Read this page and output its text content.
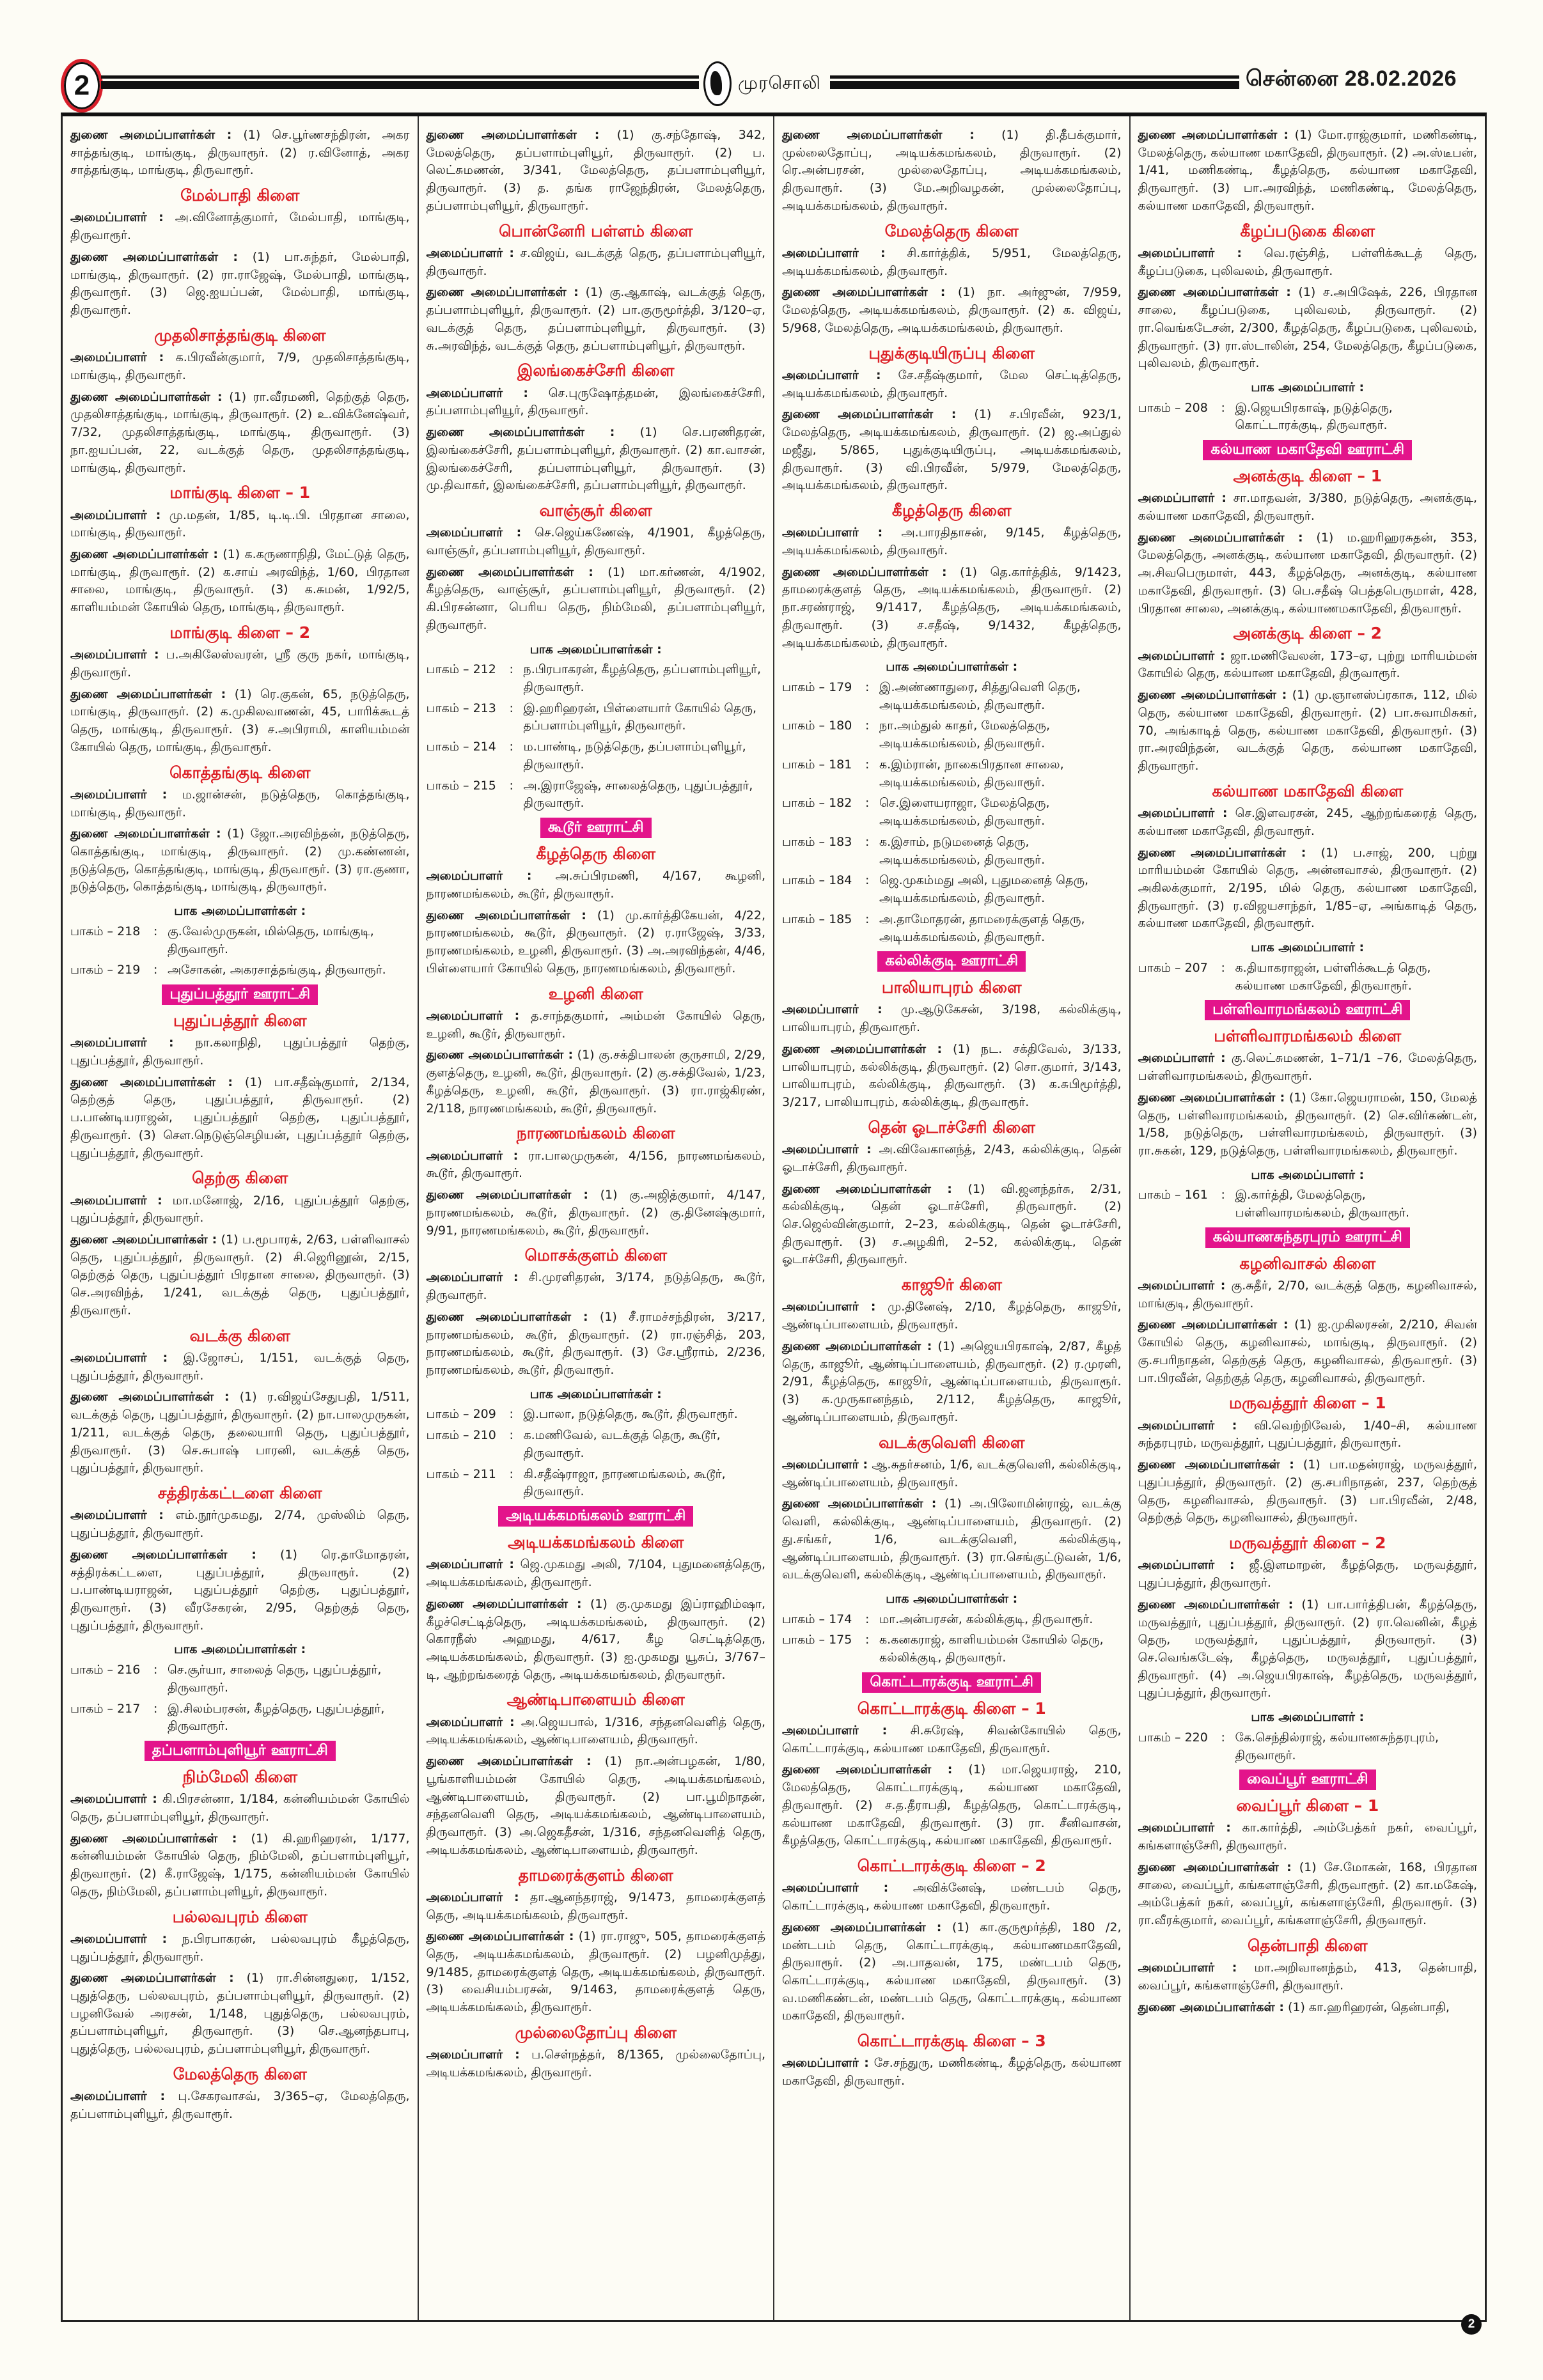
2	முரசொலி	சென்னை 28.02.2026

துணை அமைப்பாளர்கள் : (1) செ.பூர்ணசந்திரன், அகர சாத்தங்குடி, மாங்குடி, திருவாரூர். (2) ர.வினோத், அகர சாத்தங்குடி, மாங்குடி, திருவாரூர்.

மேல்பாதி கிளை

அமைப்பாளர் : அ.வினோத்குமார், மேல்பாதி, மாங்குடி, திருவாரூர்.

துணை அமைப்பாளர்கள் : (1) பா.சுந்தர், மேல்பாதி, மாங்குடி, திருவாரூர். (2) ரா.ராஜேஷ், மேல்பாதி, மாங்குடி, திருவாரூர். (3) ஜெ.ஐயப்பன், மேல்பாதி, மாங்குடி, திருவாரூர்.

முதலிசாத்தங்குடி கிளை

அமைப்பாளர் : க.பிரவீன்குமார், 7/9, முதலிசாத்தங்குடி, மாங்குடி, திருவாரூர்.

துணை அமைப்பாளர்கள் : (1) ரா.வீரமணி, தெற்குத் தெரு, முதலிசாத்தங்குடி, மாங்குடி, திருவாரூர். (2) உ.விக்னேஷ்வர், 7/32, முதலிசாத்தங்குடி, மாங்குடி, திருவாரூர். (3) நா.ஐயப்பன், 22, வடக்குத் தெரு, முதலிசாத்தங்குடி, மாங்குடி, திருவாரூர்.

மாங்குடி கிளை – 1

அமைப்பாளர் : மு.மதன், 1/85, டி.டி.பி. பிரதான சாலை, மாங்குடி, திருவாரூர்.

துணை அமைப்பாளர்கள் : (1) க.கருணாநிதி, மேட்டுத் தெரு, மாங்குடி, திருவாரூர். (2) க.சாய் அரவிந்த், 1/60, பிரதான சாலை, மாங்குடி, திருவாரூர். (3) க.சுமன், 1/92/5, காளியம்மன் கோயில் தெரு, மாங்குடி, திருவாரூர்.

மாங்குடி கிளை – 2

அமைப்பாளர் : ப.அகிலேஸ்வரன், ஸ்ரீ குரு நகர், மாங்குடி, திருவாரூர்.

துணை அமைப்பாளர்கள் : (1) ரெ.குகன், 65, நடுத்தெரு, மாங்குடி, திருவாரூர். (2) க.முகிலவாணன், 45, பாரிக்கூடத் தெரு, மாங்குடி, திருவாரூர். (3) ச.அபிராமி, காளியம்மன் கோயில் தெரு, மாங்குடி, திருவாரூர்.

கொத்தங்குடி கிளை

அமைப்பாளர் : ம.ஜான்சன், நடுத்தெரு, கொத்தங்குடி, மாங்குடி, திருவாரூர்.

துணை அமைப்பாளர்கள் : (1) ஜோ.அரவிந்தன், நடுத்தெரு, கொத்தங்குடி, மாங்குடி, திருவாரூர். (2) மு.கண்ணன், நடுத்தெரு, கொத்தங்குடி, மாங்குடி, திருவாரூர். (3) ரா.குணா, நடுத்தெரு, கொத்தங்குடி, மாங்குடி, திருவாரூர்.

பாக அமைப்பாளர்கள் :
பாகம் – 218	: கு.வேல்முருகன், மில்தெரு, மாங்குடி, திருவாரூர்.
பாகம் – 219	: அசோகன், அகரசாத்தங்குடி, திருவாரூர்.
புதுப்பத்தூர் ஊராட்சி
புதுப்பத்தூர் கிளை

அமைப்பாளர் : நா.கலாநிதி, புதுப்பத்தூர் தெற்கு, புதுப்பத்தூர், திருவாரூர்.

துணை அமைப்பாளர்கள் : (1) பா.சதீஷ்குமார், 2/134, தெற்குத் தெரு, புதுப்பத்தூர், திருவாரூர். (2) ப.பாண்டியராஜன், புதுப்பத்தூர் தெற்கு, புதுப்பத்தூர், திருவாரூர். (3) சௌ.நெடுஞ்செழியன், புதுப்பத்தூர் தெற்கு, புதுப்பத்தூர், திருவாரூர்.

தெற்கு கிளை

அமைப்பாளர் : மா.மனோஜ், 2/16, புதுப்பத்தூர் தெற்கு, புதுப்பத்தூர், திருவாரூர்.

துணை அமைப்பாளர்கள் : (1) ப.மூபாரக், 2/63, பள்ளிவாசல் தெரு, புதுப்பத்தூர், திருவாரூர். (2) சி.ஜெரினூன், 2/15, தெற்குத் தெரு, புதுப்பத்தூர் பிரதான சாலை, திருவாரூர். (3) செ.அரவிந்த், 1/241, வடக்குத் தெரு, புதுப்பத்தூர், திருவாரூர்.

வடக்கு கிளை

அமைப்பாளர் : இ.ஜோசப், 1/151, வடக்குத் தெரு, புதுப்பத்தூர், திருவாரூர்.

துணை அமைப்பாளர்கள் : (1) ர.விஜய்சேதுபதி, 1/511, வடக்குத் தெரு, புதுப்பத்தூர், திருவாரூர். (2) நா.பாலமுருகன், 1/211, வடக்குத் தெரு, தலையாரி தெரு, புதுப்பத்தூர், திருவாரூர். (3) செ.சுபாஷ் பாரனி, வடக்குத் தெரு, புதுப்பத்தூர், திருவாரூர்.

சத்திரக்கட்டளை கிளை

அமைப்பாளர் : எம்.நூர்முகமது, 2/74, முஸ்லிம் தெரு, புதுப்பத்தூர், திருவாரூர்.

துணை அமைப்பாளர்கள் : (1) ரெ.தாமோதரன், சத்திரக்கட்டளை, புதுப்பத்தூர், திருவாரூர். (2) ப.பாண்டியராஜன், புதுப்பத்தூர் தெற்கு, புதுப்பத்தூர், திருவாரூர். (3) வீரசேகரன், 2/95, தெற்குத் தெரு, புதுப்பத்தூர், திருவாரூர்.

பாக அமைப்பாளர்கள் :
பாகம் – 216	: செ.சூர்யா, சாலைத் தெரு, புதுப்பத்தூர், திருவாரூர்.
பாகம் – 217	: இ.சிலம்பரசன், கீழத்தெரு, புதுப்பத்தூர், திருவாரூர்.
தப்பளாம்புளியூர் ஊராட்சி
நிம்மேலி கிளை

அமைப்பாளர் : கி.பிரசன்னா, 1/184, கன்னியம்மன் கோயில் தெரு, தப்பளாம்புளியூர், திருவாரூர்.

துணை அமைப்பாளர்கள் : (1) கி.ஹரிஹரன், 1/177, கன்னியம்மன் கோயில் தெரு, நிம்மேலி, தப்பளாம்புளியூர், திருவாரூர். (2) கீ.ராஜேஷ், 1/175, கன்னியம்மன் கோயில் தெரு, நிம்மேலி, தப்பளாம்புளியூர், திருவாரூர்.

பல்லவபுரம் கிளை

அமைப்பாளர் : ந.பிரபாகரன், பல்லவபுரம் கீழத்தெரு, புதுப்பத்தூர், திருவாரூர்.

துணை அமைப்பாளர்கள் : (1) ரா.சின்னதுரை, 1/152, புதுத்தெரு, பல்லவபுரம், தப்பளாம்புளியூர், திருவாரூர். (2) பழனிவேல் அரசன், 1/148, புதுத்தெரு, பல்லவபுரம், தப்பளாம்புளியூர், திருவாரூர். (3) செ.ஆனந்தபாபு, புதுத்தெரு, பல்லவபுரம், தப்பளாம்புளியூர், திருவாரூர்.

மேலத்தெரு கிளை

அமைப்பாளர் : பு.சேகரவாசவ், 3/365–ஏ, மேலத்தெரு, தப்பளாம்புளியூர், திருவாரூர்.

துணை அமைப்பாளர்கள் : (1) கு.சந்தோஷ், 342, மேலத்தெரு, தப்பளாம்புளியூர், திருவாரூர். (2) ப. லெட்சுமணன், 3/341, மேலத்தெரு, தப்பளாம்புளியூர், திருவாரூர். (3) த. தங்க ராஜேந்திரன், மேலத்தெரு, தப்பளாம்புளியூர், திருவாரூர்.

பொன்னேரி பள்ளம் கிளை

அமைப்பாளர் : ச.விஜய், வடக்குத் தெரு, தப்பளாம்புளியூர், திருவாரூர்.

துணை அமைப்பாளர்கள் : (1) கு.ஆகாஷ், வடக்குத் தெரு, தப்பளாம்புளியூர், திருவாரூர். (2) பா.குருமூர்த்தி, 3/120–ஏ, வடக்குத் தெரு, தப்பளாம்புளியூர், திருவாரூர். (3) சு.அரவிந்த், வடக்குத் தெரு, தப்பளாம்புளியூர், திருவாரூர்.

இலங்கைச்சேரி கிளை

அமைப்பாளர் : செ.புருஷோத்தமன், இலங்கைச்சேரி, தப்பளாம்புளியூர், திருவாரூர்.

துணை அமைப்பாளர்கள் : (1) செ.பரணிதரன், இலங்கைச்சேரி, தப்பளாம்புளியூர், திருவாரூர். (2) கா.வாசன், இலங்கைச்சேரி, தப்பளாம்புளியூர், திருவாரூர். (3) மு.திவாகர், இலங்கைச்சேரி, தப்பளாம்புளியூர், திருவாரூர்.

வாஞ்சூர் கிளை

அமைப்பாளர் : செ.ஜெய்கணேஷ், 4/1901, கீழத்தெரு, வாஞ்சூர், தப்பளாம்புளியூர், திருவாரூர்.

துணை அமைப்பாளர்கள் : (1) மா.கர்ணன், 4/1902, கீழத்தெரு, வாஞ்சூர், தப்பளாம்புளியூர், திருவாரூர். (2) கி.பிரசன்னா, பெரிய தெரு, நிம்மேலி, தப்பளாம்புளியூர், திருவாரூர்.

பாக அமைப்பாளர்கள் :
பாகம் – 212	: ந.பிரபாகரன், கீழத்தெரு, தப்பளாம்புளியூர், திருவாரூர்.
பாகம் – 213	: இ.ஹரிஹரன், பிள்ளையார் கோயில் தெரு, தப்பளாம்புளியூர், திருவாரூர்.
பாகம் – 214	: ம.பாண்டி, நடுத்தெரு, தப்பளாம்புளியூர், திருவாரூர்.
பாகம் – 215	: அ.இராஜேஷ், சாலைத்தெரு, புதுப்பத்தூர், திருவாரூர்.
கூடூர் ஊராட்சி
கீழத்தெரு கிளை

அமைப்பாளர் : அ.சுப்பிரமணி, 4/167, கூழனி, நாரணமங்கலம், கூடூர், திருவாரூர்.

துணை அமைப்பாளர்கள் : (1) மு.கார்த்திகேயன், 4/22, நாரணமங்கலம், கூடூர், திருவாரூர். (2) ர.ராஜேஷ், 3/33, நாரணமங்கலம், உழனி, திருவாரூர். (3) அ.அரவிந்தன், 4/46, பிள்ளையார் கோயில் தெரு, நாரணமங்கலம், திருவாரூர்.

உழனி கிளை

அமைப்பாளர் : த.சாந்தகுமார், அம்மன் கோயில் தெரு, உழனி, கூடூர், திருவாரூர்.

துணை அமைப்பாளர்கள் : (1) கு.சக்திபாலன் குருசாமி, 2/29, குளத்தெரு, உழனி, கூடூர், திருவாரூர். (2) கு.சக்திவேல், 1/23, கீழத்தெரு, உழனி, கூடூர், திருவாரூர். (3) ரா.ராஜ்கிரண், 2/118, நாரணமங்கலம், கூடூர், திருவாரூர்.

நாரணமங்கலம் கிளை

அமைப்பாளர் : ரா.பாலமுருகன், 4/156, நாரணமங்கலம், கூடூர், திருவாரூர்.

துணை அமைப்பாளர்கள் : (1) கு.அஜித்குமார், 4/147, நாரணமங்கலம், கூடூர், திருவாரூர். (2) கு.தினேஷ்குமார், 9/91, நாரணமங்கலம், கூடூர், திருவாரூர்.

மொசக்குளம் கிளை

அமைப்பாளர் : சி.முரளிதரன், 3/174, நடுத்தெரு, கூடூர், திருவாரூர்.

துணை அமைப்பாளர்கள் : (1) சீ.ராமச்சந்திரன், 3/217, நாரணமங்கலம், கூடூர், திருவாரூர். (2) ரா.ரஞ்சித், 203, நாரணமங்கலம், கூடூர், திருவாரூர். (3) சே.ஸ்ரீராம், 2/236, நாரணமங்கலம், கூடூர், திருவாரூர்.

பாக அமைப்பாளர்கள் :
பாகம் – 209	: இ.பாலா, நடுத்தெரு, கூடூர், திருவாரூர்.
பாகம் – 210	: க.மணிவேல், வடக்குத் தெரு, கூடூர், திருவாரூர்.
பாகம் – 211	: கி.சதீஷ்ராஜா, நாரணமங்கலம், கூடூர், திருவாரூர்.
அடியக்கமங்கலம் ஊராட்சி
அடியக்கமங்கலம் கிளை

அமைப்பாளர் : ஜெ.முகமது அலி, 7/104, புதுமனைத்தெரு, அடியக்கமங்கலம், திருவாரூர்.

துணை அமைப்பாளர்கள் : (1) கு.முகமது இப்ராஹிம்ஷா, கீழச்செட்டித்தெரு, அடியக்கமங்கலம், திருவாரூர். (2) கொரநீஸ் அஹமது, 4/617, கீழ செட்டித்தெரு, அடியக்கமங்கலம், திருவாரூர். (3) ஐ.முகமது யூசுப், 3/767–டி, ஆற்றங்கரைத் தெரு, அடியக்கமங்கலம், திருவாரூர்.

ஆண்டிபாளையம் கிளை

அமைப்பாளர் : அ.ஜெயபால், 1/316, சந்தனவெளித் தெரு, அடியக்கமங்கலம், ஆண்டிபாளையம், திருவாரூர்.

துணை அமைப்பாளர்கள் : (1) நா.அன்பழகன், 1/80, பூங்காளியம்மன் கோயில் தெரு, அடியக்கமங்கலம், ஆண்டிபாளையம், திருவாரூர். (2) பா.பூமிநாதன், சந்தனவெளி தெரு, அடியக்கமங்கலம், ஆண்டிபாளையம், திருவாரூர். (3) அ.ஜெகதீசன், 1/316, சந்தனவெளித் தெரு, அடியக்கமங்கலம், ஆண்டிபாளையம், திருவாரூர்.

தாமரைக்குளம் கிளை

அமைப்பாளர் : தா.ஆனந்தராஜ், 9/1473, தாமரைக்குளத் தெரு, அடியக்கமங்கலம், திருவாரூர்.

துணை அமைப்பாளர்கள் : (1) ரா.ராஜு, 505, தாமரைக்குளத் தெரு, அடியக்கமங்கலம், திருவாரூர். (2) பழனிமுத்து, 9/1485, தாமரைக்குளத் தெரு, அடியக்கமங்கலம், திருவாரூர். (3) வைசியம்பரசன், 9/1463, தாமரைக்குளத் தெரு, அடியக்கமங்கலம், திருவாரூர்.

முல்லைதோப்பு கிளை

அமைப்பாளர் : ப.செள்நத்தர், 8/1365, முல்லைதோப்பு, அடியக்கமங்கலம், திருவாரூர்.

துணை அமைப்பாளர்கள் : (1) தி.தீபக்குமார், முல்லைதோப்பு, அடியக்கமங்கலம், திருவாரூர். (2) ரெ.அன்பரசன், முல்லைதோப்பு, அடியக்கமங்கலம், திருவாரூர். (3) மே.அறிவழகன், முல்லைதோப்பு, அடியக்கமங்கலம், திருவாரூர்.

மேலத்தெரு கிளை

அமைப்பாளர் : சி.கார்த்திக், 5/951, மேலத்தெரு, அடியக்கமங்கலம், திருவாரூர்.

துணை அமைப்பாளர்கள் : (1) நா. அர்ஜுன், 7/959, மேலத்தெரு, அடியக்கமங்கலம், திருவாரூர். (2) க. விஜய், 5/968, மேலத்தெரு, அடியக்கமங்கலம், திருவாரூர்.

புதுக்குடியிருப்பு கிளை

அமைப்பாளர் : சே.சதீஷ்குமார், மேல செட்டித்தெரு, அடியக்கமங்கலம், திருவாரூர்.

துணை அமைப்பாளர்கள் : (1) ச.பிரவீன், 923/1, மேலத்தெரு, அடியக்கமங்கலம், திருவாரூர். (2) ஜ.அப்துல் மஜீது, 5/865, புதுக்குடியிருப்பு, அடியக்கமங்கலம், திருவாரூர். (3) வி.பிரவீன், 5/979, மேலத்தெரு, அடியக்கமங்கலம், திருவாரூர்.

கீழத்தெரு கிளை

அமைப்பாளர் : அ.பாரதிதாசன், 9/145, கீழத்தெரு, அடியக்கமங்கலம், திருவாரூர்.

துணை அமைப்பாளர்கள் : (1) தெ.கார்த்திக், 9/1423, தாமரைக்குளத் தெரு, அடியக்கமங்கலம், திருவாரூர். (2) நா.சரண்ராஜ், 9/1417, கீழத்தெரு, அடியக்கமங்கலம், திருவாரூர். (3) ச.சதீஷ், 9/1432, கீழத்தெரு, அடியக்கமங்கலம், திருவாரூர்.

பாக அமைப்பாளர்கள் :
பாகம் – 179	: இ.அண்ணாதுரை, சித்துவெளி தெரு, அடியக்கமங்கலம், திருவாரூர்.
பாகம் – 180	: நா.அம்துல் காதர், மேலத்தெரு, அடியக்கமங்கலம், திருவாரூர்.
பாகம் – 181	: க.இம்ரான், நாகைபிரதான சாலை, அடியக்கமங்கலம், திருவாரூர்.
பாகம் – 182	: செ.இளையராஜா, மேலத்தெரு, அடியக்கமங்கலம், திருவாரூர்.
பாகம் – 183	: க.இசாம், நடுமனைத் தெரு, அடியக்கமங்கலம், திருவாரூர்.
பாகம் – 184	: ஜெ.முகம்மது அலி, புதுமனைத் தெரு, அடியக்கமங்கலம், திருவாரூர்.
பாகம் – 185	: அ.தாமோதரன், தாமரைக்குளத் தெரு, அடியக்கமங்கலம், திருவாரூர்.
கல்லிக்குடி ஊராட்சி
பாலியாபுரம் கிளை

அமைப்பாளர் : மு.ஆடுகேசன், 3/198, கல்லிக்குடி, பாலியாபுரம், திருவாரூர்.

துணை அமைப்பாளர்கள் : (1) நட. சக்திவேல், 3/133, பாலியாபுரம், கல்லிக்குடி, திருவாரூர். (2) சொ.குமார், 3/143, பாலியாபுரம், கல்லிக்குடி, திருவாரூர். (3) க.சுபிமூர்த்தி, 3/217, பாலியாபுரம், கல்லிக்குடி, திருவாரூர்.

தென் ஓடாச்சேரி கிளை

அமைப்பாளர் : அ.விவேகானந்த், 2/43, கல்லிக்குடி, தென் ஓடாச்சேரி, திருவாரூர்.

துணை அமைப்பாளர்கள் : (1) வி.ஜனந்தர்சு, 2/31, கல்லிக்குடி, தென் ஓடாச்சேரி, திருவாரூர். (2) செ.ஜெல்வின்குமார், 2–23, கல்லிக்குடி, தென் ஓடாச்சேரி, திருவாரூர். (3) ச.அழகிரி, 2–52, கல்லிக்குடி, தென் ஓடாச்சேரி, திருவாரூர்.

காஜூர் கிளை

அமைப்பாளர் : மு.தினேஷ், 2/10, கீழத்தெரு, காஜூர், ஆண்டிப்பாளையம், திருவாரூர்.

துணை அமைப்பாளர்கள் : (1) அஜெயபிரகாஷ், 2/87, கீழத் தெரு, காஜூர், ஆண்டிப்பாளையம், திருவாரூர். (2) ர.முரளி, 2/91, கீழத்தெரு, காஜூர், ஆண்டிப்பாளையம், திருவாரூர். (3) க.முருகானந்தம், 2/112, கீழத்தெரு, காஜூர், ஆண்டிப்பாளையம், திருவாரூர்.

வடக்குவெளி கிளை

அமைப்பாளர் : ஆ.சுதர்சனம், 1/6, வடக்குவெளி, கல்லிக்குடி, ஆண்டிப்பாளையம், திருவாரூர்.

துணை அமைப்பாளர்கள் : (1) அ.பிலோமின்ராஜ், வடக்கு வெளி, கல்லிக்குடி, ஆண்டிப்பாளையம், திருவாரூர். (2) து.சங்கர், 1/6, வடக்குவெளி, கல்லிக்குடி, ஆண்டிப்பாளையம், திருவாரூர். (3) ரா.செங்குட்டுவன், 1/6, வடக்குவெளி, கல்லிக்குடி, ஆண்டிப்பாளையம், திருவாரூர்.

பாக அமைப்பாளர்கள் :
பாகம் – 174	: மா.அன்பரசன், கல்லிக்குடி, திருவாரூர்.
பாகம் – 175	: க.கனகராஜ், காளியம்மன் கோயில் தெரு, கல்லிக்குடி, திருவாரூர்.
கொட்டாரக்குடி ஊராட்சி
கொட்டாரக்குடி கிளை – 1

அமைப்பாளர் : சி.சுரேஷ், சிவன்கோயில் தெரு, கொட்டாரக்குடி, கல்யாண மகாதேவி, திருவாரூர்.

துணை அமைப்பாளர்கள் : (1) மா.ஜெயராஜ், 210, மேலத்தெரு, கொட்டாரக்குடி, கல்யாண மகாதேவி, திருவாரூர். (2) ச.த.தீராபதி, கீழத்தெரு, கொட்டாரக்குடி, கல்யாண மகாதேவி, திருவாரூர். (3) ரா. சீனிவாசன், கீழத்தெரு, கொட்டாரக்குடி, கல்யாண மகாதேவி, திருவாரூர்.

கொட்டாரக்குடி கிளை – 2

அமைப்பாளர் : அவிக்னேஷ், மண்டபம் தெரு, கொட்டாரக்குடி, கல்யாண மகாதேவி, திருவாரூர்.

துணை அமைப்பாளர்கள் : (1) கா.குருமூர்த்தி, 180 /2, மண்டபம் தெரு, கொட்டாரக்குடி, கல்யாணமகாதேவி, திருவாரூர். (2) அ.பாதவன், 175, மண்டபம் தெரு, கொட்டாரக்குடி, கல்யாண மகாதேவி, திருவாரூர். (3) வ.மணிகண்டன், மண்டபம் தெரு, கொட்டாரக்குடி, கல்யாண மகாதேவி, திருவாரூர்.

கொட்டாரக்குடி கிளை – 3

அமைப்பாளர் : சே.சந்துரு, மணிகண்டி, கீழத்தெரு, கல்யாண மகாதேவி, திருவாரூர்.

துணை அமைப்பாளர்கள் : (1) மோ.ராஜ்குமார், மணிகண்டி, மேலத்தெரு, கல்யாண மகாதேவி, திருவாரூர். (2) அ.ஸ்டீபன், 1/41, மணிகண்டி, கீழத்தெரு, கல்யாண மகாதேவி, திருவாரூர். (3) பா.அரவிந்த், மணிகண்டி, மேலத்தெரு, கல்யாண மகாதேவி, திருவாரூர்.

கீழப்படுகை கிளை

அமைப்பாளர் : வெ.ரஞ்சித், பள்ளிக்கூடத் தெரு, கீழப்படுகை, புலிவலம், திருவாரூர்.

துணை அமைப்பாளர்கள் : (1) ச.அபிஷேக், 226, பிரதான சாலை, கீழப்படுகை, புலிவலம், திருவாரூர். (2) ரா.வெங்கடேசன், 2/300, கீழத்தெரு, கீழப்படுகை, புலிவலம், திருவாரூர். (3) ரா.ஸ்டாலின், 254, மேலத்தெரு, கீழப்படுகை, புலிவலம், திருவாரூர்.

பாக அமைப்பாளர் :
பாகம் – 208	: இ.ஜெயபிரகாஷ், நடுத்தெரு, கொட்டாரக்குடி, திருவாரூர்.
கல்யாண மகாதேவி ஊராட்சி
அனக்குடி கிளை – 1

அமைப்பாளர் : சா.மாதவன், 3/380, நடுத்தெரு, அனக்குடி, கல்யாண மகாதேவி, திருவாரூர்.

துணை அமைப்பாளர்கள் : (1) ம.ஹரிஹரசுதன், 353, மேலத்தெரு, அனக்குடி, கல்யாண மகாதேவி, திருவாரூர். (2) அ.சிவபெருமாள், 443, கீழத்தெரு, அனக்குடி, கல்யாண மகாதேவி, திருவாரூர். (3) பெ.சதீஷ் பெத்தபெருமாள், 428, பிரதான சாலை, அனக்குடி, கல்யாணமகாதேவி, திருவாரூர்.

அனக்குடி கிளை – 2

அமைப்பாளர் : ஜா.மணிவேலன், 173–ஏ, புற்று மாரியம்மன் கோயில் தெரு, கல்யாண மகாதேவி, திருவாரூர்.

துணை அமைப்பாளர்கள் : (1) மு.ஞானஸ்ப்ரகாசு, 112, மில் தெரு, கல்யாண மகாதேவி, திருவாரூர். (2) பா.சுவாமிசுகர், 70, அங்காடித் தெரு, கல்யாண மகாதேவி, திருவாரூர். (3) ரா.அரவிந்தன், வடக்குத் தெரு, கல்யாண மகாதேவி, திருவாரூர்.

கல்யாண மகாதேவி கிளை

அமைப்பாளர் : செ.இளவரசன், 245, ஆற்றங்கரைத் தெரு, கல்யாண மகாதேவி, திருவாரூர்.

துணை அமைப்பாளர்கள் : (1) ப.சாஜ், 200, புற்று மாரியம்மன் கோயில் தெரு, அன்னவாசல், திருவாரூர். (2) அகிலக்குமார், 2/195, மில் தெரு, கல்யாண மகாதேவி, திருவாரூர். (3) ர.விஜயசாந்தர், 1/85–ஏ, அங்காடித் தெரு, கல்யாண மகாதேவி, திருவாரூர்.

பாக அமைப்பாளர் :
பாகம் – 207	: க.தியாகராஜன், பள்ளிக்கூடத் தெரு, கல்யாண மகாதேவி, திருவாரூர்.
பள்ளிவாரமங்கலம் ஊராட்சி
பள்ளிவாரமங்கலம் கிளை

அமைப்பாளர் : கு.லெட்சுமணன், 1–71/1 –76, மேலத்தெரு, பள்ளிவாரமங்கலம், திருவாரூர்.

துணை அமைப்பாளர்கள் : (1) கோ.ஜெயராமன், 150, மேலத் தெரு, பள்ளிவாரமங்கலம், திருவாரூர். (2) செ.விர்கண்டன், 1/58, நடுத்தெரு, பள்ளிவாரமங்கலம், திருவாரூர். (3) ரா.சுகன், 129, நடுத்தெரு, பள்ளிவாரமங்கலம், திருவாரூர்.

பாக அமைப்பாளர் :
பாகம் – 161	: இ.கார்த்தி, மேலத்தெரு, பள்ளிவாரமங்கலம், திருவாரூர்.
கல்யாணசுந்தரபுரம் ஊராட்சி
கழனிவாசல் கிளை

அமைப்பாளர் : கு.சுதீர், 2/70, வடக்குத் தெரு, கழனிவாசல், மாங்குடி, திருவாரூர்.

துணை அமைப்பாளர்கள் : (1) ஐ.முகிலரசன், 2/210, சிவன் கோயில் தெரு, கழனிவாசல், மாங்குடி, திருவாரூர். (2) கு.சபரிநாதன், தெற்குத் தெரு, கழனிவாசல், திருவாரூர். (3) பா.பிரவீன், தெற்குத் தெரு, கழனிவாசல், திருவாரூர்.

மருவத்தூர் கிளை – 1

அமைப்பாளர் : வி.வெற்றிவேல், 1/40–சி, கல்யாண சுந்தரபுரம், மருவத்தூர், புதுப்பத்தூர், திருவாரூர்.

துணை அமைப்பாளர்கள் : (1) பா.மதன்ராஜ், மருவத்தூர், புதுப்பத்தூர், திருவாரூர். (2) கு.சபரிநாதன், 237, தெற்குத் தெரு, கழனிவாசல், திருவாரூர். (3) பா.பிரவீன், 2/48, தெற்குத் தெரு, கழனிவாசல், திருவாரூர்.

மருவத்தூர் கிளை – 2

அமைப்பாளர் : ஜீ.இளமாறன், கீழத்தெரு, மருவத்தூர், புதுப்பத்தூர், திருவாரூர்.

துணை அமைப்பாளர்கள் : (1) பா.பார்த்திபன், கீழத்தெரு, மருவத்தூர், புதுப்பத்தூர், திருவாரூர். (2) ரா.வெனின், கீழத் தெரு, மருவத்தூர், புதுப்பத்தூர், திருவாரூர். (3) செ.வெங்கடேஷ், கீழத்தெரு, மருவத்தூர், புதுப்பத்தூர், திருவாரூர். (4) அ.ஜெயபிரகாஷ், கீழத்தெரு, மருவத்தூர், புதுப்பத்தூர், திருவாரூர்.

பாக அமைப்பாளர் :
பாகம் – 220	: கே.செந்தில்ராஜ், கல்யாணசுந்தரபுரம், திருவாரூர்.
வைப்பூர் ஊராட்சி
வைப்பூர் கிளை – 1

அமைப்பாளர் : கா.கார்த்தி, அம்பேத்கர் நகர், வைப்பூர், கங்களாஞ்சேரி, திருவாரூர்.

துணை அமைப்பாளர்கள் : (1) சே.மோகன், 168, பிரதான சாலை, வைப்பூர், கங்களாஞ்சேரி, திருவாரூர். (2) கா.மகேஷ், அம்பேத்கர் நகர், வைப்பூர், கங்களாஞ்சேரி, திருவாரூர். (3) ரா.வீரக்குமார், வைப்பூர், கங்களாஞ்சேரி, திருவாரூர்.

தென்பாதி கிளை

அமைப்பாளர் : மா.அறிவானந்தம், 413, தென்பாதி, வைப்பூர், கங்களாஞ்சேரி, திருவாரூர்.

துணை அமைப்பாளர்கள் : (1) கா.ஹரிஹரன், தென்பாதி,

2
